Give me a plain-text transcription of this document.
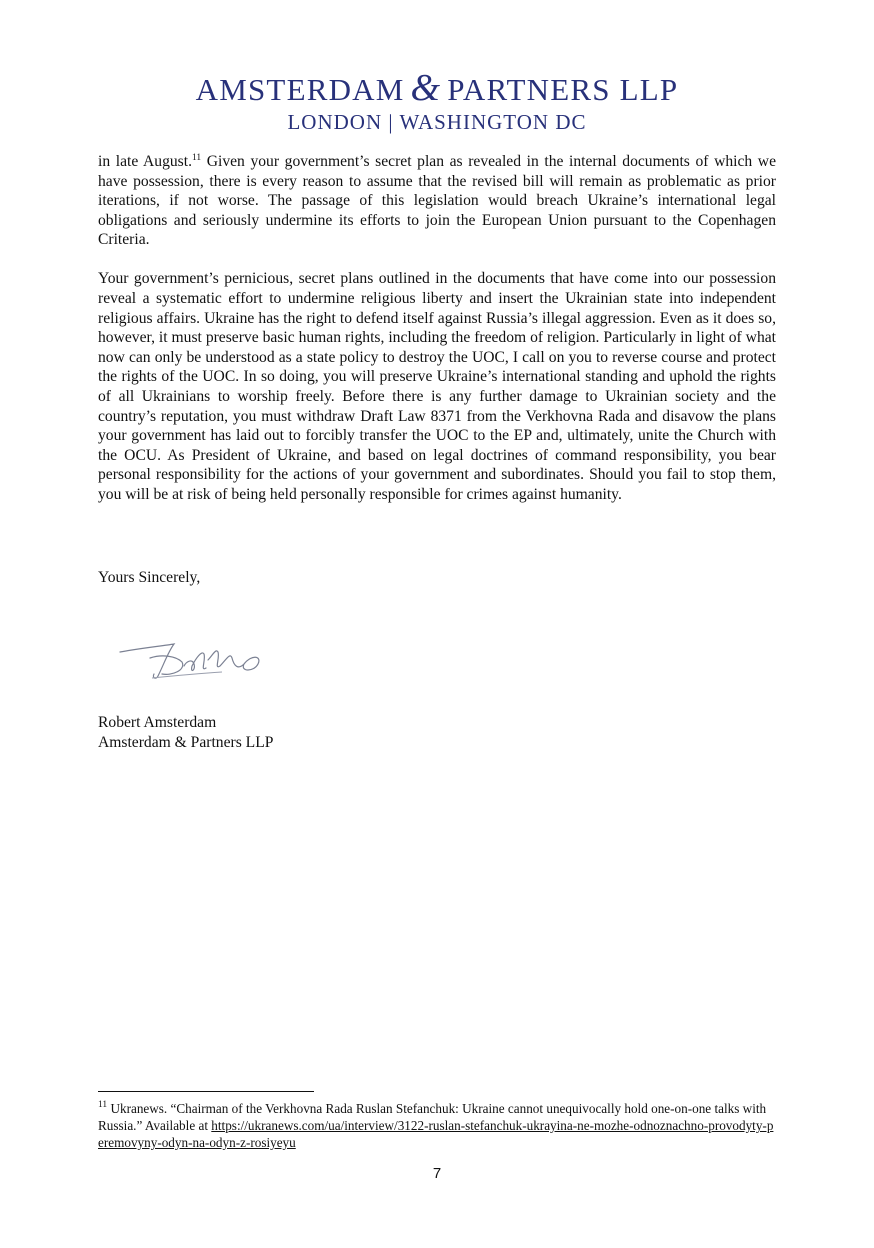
AMSTERDAM & PARTNERS LLP
LONDON | WASHINGTON DC

in late August.$^{11}$ Given your government’s secret plan as revealed in the internal documents of which we have possession, there is every reason to assume that the revised bill will remain as problematic as prior iterations, if not worse. The passage of this legislation would breach Ukraine’s international legal obligations and seriously undermine its efforts to join the European Union pursuant to the Copenhagen Criteria.

Your government’s pernicious, secret plans outlined in the documents that have come into our possession reveal a systematic effort to undermine religious liberty and insert the Ukrainian state into independent religious affairs. Ukraine has the right to defend itself against Russia’s illegal aggression. Even as it does so, however, it must preserve basic human rights, including the freedom of religion. Particularly in light of what now can only be understood as a state policy to destroy the UOC, I call on you to reverse course and protect the rights of the UOC. In so doing, you will preserve Ukraine’s international standing and uphold the rights of all Ukrainians to worship freely. Before there is any further damage to Ukrainian society and the country’s reputation, you must withdraw Draft Law 8371 from the Verkhovna Rada and disavow the plans your government has laid out to forcibly transfer the UOC to the EP and, ultimately, unite the Church with the OCU. As President of Ukraine, and based on legal doctrines of command responsibility, you bear personal responsibility for the actions of your government and subordinates. Should you fail to stop them, you will be at risk of being held personally responsible for crimes against humanity.

Yours Sincerely,
Robert Amsterdam
Amsterdam & Partners LLP
$^{11}$ Ukranews. “Chairman of the Verkhovna Rada Ruslan Stefanchuk: Ukraine cannot unequivocally hold one-on-one talks with Russia.” Available at https://ukranews.com/ua/interview/3122-ruslan-stefanchuk-ukrayina-ne-mozhe-odnoznachno-provodyty-peremovyny-odyn-na-odyn-z-rosiyeyu
7
